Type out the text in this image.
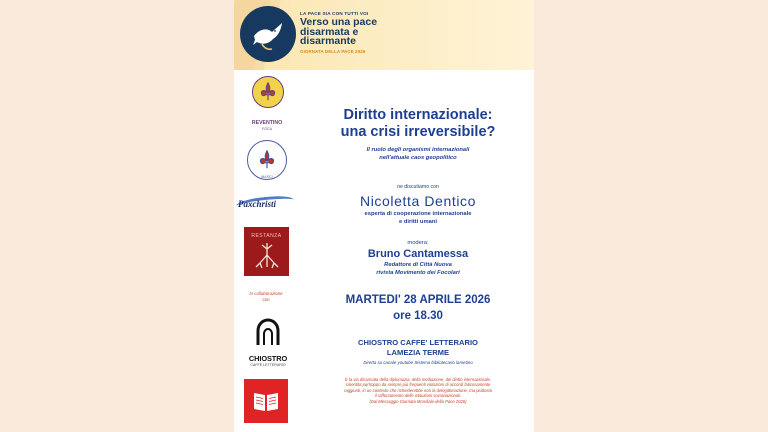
LA PACE SIA CON TUTTI VOI
Verso una pace
disarmata e
disarmante
GIORNATA DELLA PACE 2026
REVENTINO
FOCA
MASCI
Paxchristi
RESTANZA
In collaborazione
con
CHIOSTRO
CAFFÈ LETTERARIO
Diritto internazionale:
una crisi irreversibile?
Il ruolo degli organismi internazionali
nell'attuale caos geopolitico
ne discutiamo con
Nicoletta Dentico
esperta di cooperazione internazionale
e diritti umani
modera:
Bruno Cantamessa
Redattore di Città Nuova
rivista Movimento dei Focolari
MARTEDI' 28 APRILE 2026
ore 18.30
CHIOSTRO CAFFE' LETTERARIO
LAMEZIA TERME
Diretta su canale youtube Sistema bibliotecario lametino
È la via disarmata della diplomazia, della mediazione, del diritto internazionale,
smentita purtroppo da sempre più frequenti violazioni di accordi faticosamente
raggiunti, in un contesto che richiederebbe non la delegittimazione, ma piuttosto
il rafforzamento delle istituzioni sovranazionali.
(Dal Messaggio Giornata Mondiale della Pace 2026)
